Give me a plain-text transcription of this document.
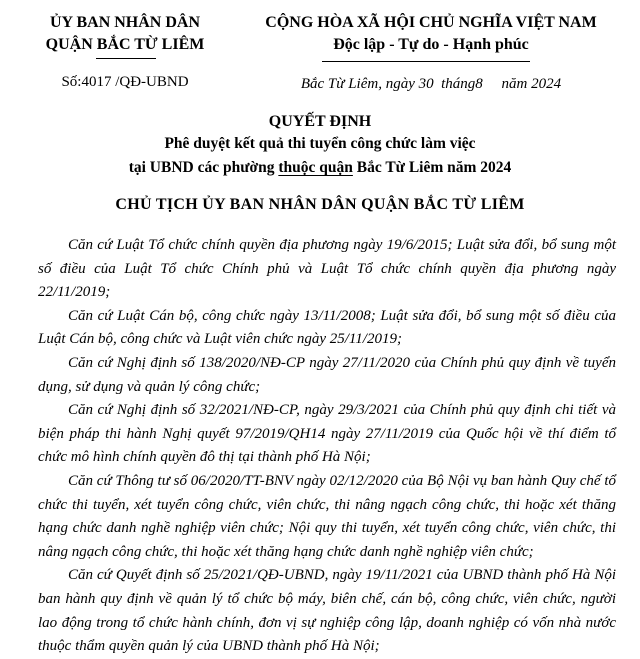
ỦY BAN NHÂN DÂN
QUẬN BẮC TỪ LIÊM
Số:4017 /QĐ-UBND
CỘNG HÒA XÃ HỘI CHỦ NGHĨA VIỆT NAM
Độc lập - Tự do - Hạnh phúc
Bắc Từ Liêm, ngày 30  tháng8     năm 2024
QUYẾT ĐỊNH
Phê duyệt kết quả thi tuyển công chức làm việc
tại UBND các phường thuộc quận Bắc Từ Liêm năm 2024
CHỦ TỊCH ỦY BAN NHÂN DÂN QUẬN BẮC TỪ LIÊM

Căn cứ Luật Tổ chức chính quyền địa phương ngày 19/6/2015; Luật sửa đổi, bổ sung một số điều của Luật Tổ chức Chính phủ và Luật Tổ chức chính quyền địa phương ngày 22/11/2019;

Căn cứ Luật Cán bộ, công chức ngày 13/11/2008; Luật sửa đổi, bổ sung một số điều của Luật Cán bộ, công chức và Luật viên chức ngày 25/11/2019;

Căn cứ Nghị định số 138/2020/NĐ-CP ngày 27/11/2020 của Chính phủ quy định về tuyển dụng, sử dụng và quản lý công chức;

Căn cứ Nghị định số 32/2021/NĐ-CP, ngày 29/3/2021 của Chính phủ quy định chi tiết và biện pháp thi hành Nghị quyết 97/2019/QH14 ngày 27/11/2019 của Quốc hội về thí điểm tổ chức mô hình chính quyền đô thị tại thành phố Hà Nội;

Căn cứ Thông tư số 06/2020/TT-BNV ngày 02/12/2020 của Bộ Nội vụ ban hành Quy chế tổ chức thi tuyển, xét tuyển công chức, viên chức, thi nâng ngạch công chức, thi hoặc xét thăng hạng chức danh nghề nghiệp viên chức; Nội quy thi tuyển, xét tuyển công chức, viên chức, thi nâng ngạch công chức, thi hoặc xét thăng hạng chức danh nghề nghiệp viên chức;

Căn cứ Quyết định số 25/2021/QĐ-UBND, ngày 19/11/2021 của UBND thành phố Hà Nội ban hành quy định về quản lý tổ chức bộ máy, biên chế, cán bộ, công chức, viên chức, người lao động trong tổ chức hành chính, đơn vị sự nghiệp công lập, doanh nghiệp có vốn nhà nước thuộc thẩm quyền quản lý của UBND thành phố Hà Nội;
